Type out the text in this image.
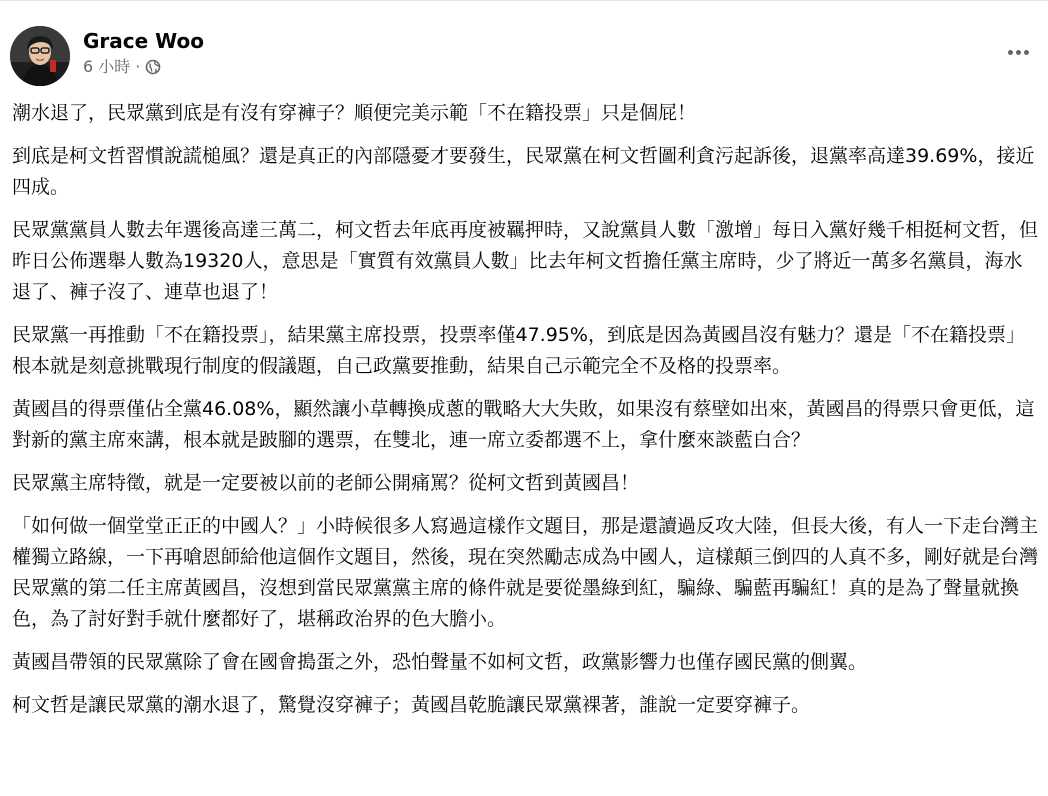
Grace Woo
6 小時 ·

潮水退了，民眾黨到底是有沒有穿褲子？順便完美示範「不在籍投票」只是個屁！

到底是柯文哲習慣說謊槌風？還是真正的內部隱憂才要發生，民眾黨在柯文哲圖利貪污起訴後，退黨率高達39.69%，接近四成。

民眾黨黨員人數去年選後高達三萬二，柯文哲去年底再度被羈押時，又說黨員人數「激增」每日入黨好幾千相挺柯文哲，但昨日公佈選舉人數為19320人，意思是「實質有效黨員人數」比去年柯文哲擔任黨主席時，少了將近一萬多名黨員，海水退了、褲子沒了、連草也退了！

民眾黨一再推動「不在籍投票」，結果黨主席投票，投票率僅47.95%，到底是因為黃國昌沒有魅力？還是「不在籍投票」根本就是刻意挑戰現行制度的假議題，自己政黨要推動，結果自己示範完全不及格的投票率。

黃國昌的得票僅佔全黨46.08%，顯然讓小草轉換成蔥的戰略大大失敗，如果沒有蔡壁如出來，黃國昌的得票只會更低，這對新的黨主席來講，根本就是跛腳的選票，在雙北，連一席立委都選不上，拿什麼來談藍白合？

民眾黨主席特徵，就是一定要被以前的老師公開痛罵？從柯文哲到黃國昌！

「如何做一個堂堂正正的中國人？」小時候很多人寫過這樣作文題目，那是還讀過反攻大陸，但長大後，有人一下走台灣主權獨立路線，一下再嗆恩師給他這個作文題目，然後，現在突然勵志成為中國人，這樣顛三倒四的人真不多，剛好就是台灣民眾黨的第二任主席黃國昌，沒想到當民眾黨黨主席的條件就是要從墨綠到紅，騙綠、騙藍再騙紅！真的是為了聲量就換色，為了討好對手就什麼都好了，堪稱政治界的色大膽小。

黃國昌帶領的民眾黨除了會在國會搗蛋之外，恐怕聲量不如柯文哲，政黨影響力也僅存國民黨的側翼。

柯文哲是讓民眾黨的潮水退了，驚覺沒穿褲子；黃國昌乾脆讓民眾黨裸著，誰說一定要穿褲子。
